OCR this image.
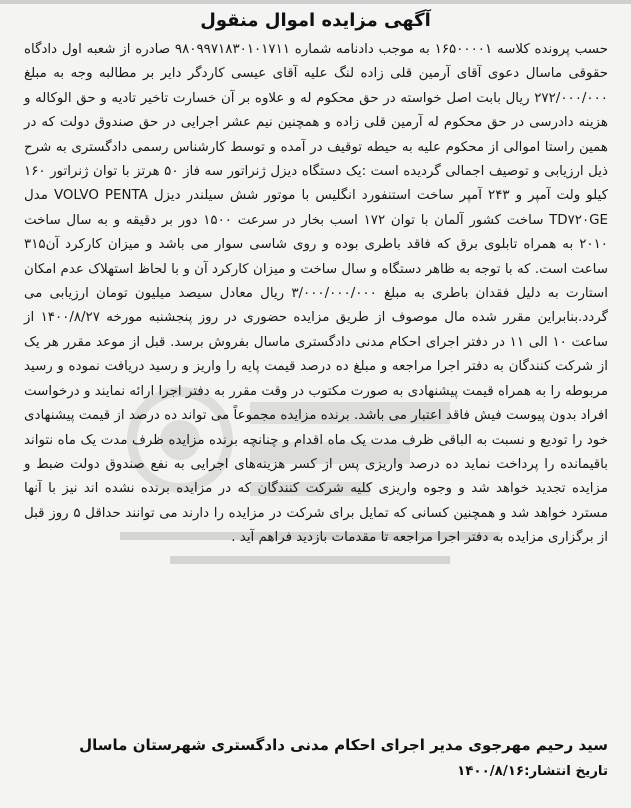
آگهی مزایده اموال منقول

حسب پرونده کلاسه ۱۶۵۰۰۰۰۱ به موجب دادنامه شماره ۹۸۰۹۹۷۱۸۳۰۱۰۱۷۱۱ صادره از شعبه اول دادگاه حقوقی ماسال دعوی آقای آرمین قلی زاده لنگ علیه آقای عیسی کاردگر دایر بر مطالبه وجه به مبلغ ۲۷۲/۰۰۰/۰۰۰ ریال بابت اصل خواسته در حق محکوم له و علاوه بر آن خسارت تاخیر تادیه و حق الوکاله و هزینه دادرسی در حق محکوم له آرمین قلی زاده و همچنین نیم عشر اجرایی در حق صندوق دولت که در همین راستا اموالی از محکوم علیه به حیطه توقیف در آمده و توسط کارشناس رسمی دادگستری به شرح ذیل ارزیابی و توصیف اجمالی گردیده است :یک دستگاه دیزل ژنراتور سه فاز ۵۰ هرتز با توان ژنراتور ۱۶۰ کیلو ولت آمپر و ۲۴۳ آمپر ساخت استنفورد انگلیس با موتور شش سیلندر دیزل VOLVO PENTA مدل TD۷۲۰GE ساخت کشور آلمان با توان ۱۷۲ اسب بخار در سرعت ۱۵۰۰ دور بر دقیقه و به سال ساخت ۲۰۱۰ به همراه تابلوی برق که فاقد باطری بوده و روی شاسی سوار می باشد و میزان کارکرد آن۳۱۵ ساعت است. که با توجه به ظاهر دستگاه و سال ساخت و میزان کارکرد آن و با لحاظ استهلاک عدم امکان استارت به دلیل فقدان باطری به مبلغ ۳/۰۰۰/۰۰۰/۰۰۰ ریال معادل سیصد میلیون تومان ارزیابی می گردد.بنابراین مقرر شده مال موصوف از طریق مزایده حضوری در روز پنجشنبه مورخه ۱۴۰۰/۸/۲۷ از ساعت ۱۰ الی ۱۱ در دفتر اجرای احکام مدنی دادگستری ماسال بفروش برسد. قبل از موعد مقرر هر یک از شرکت کنندگان به دفتر اجرا مراجعه و مبلغ ده درصد قیمت پایه را واریز و رسید دریافت نموده و رسید مربوطه را به همراه قیمت پیشنهادی به صورت مکتوب در وقت مقرر به دفتر اجرا ارائه نمایند و درخواست افراد بدون پیوست فیش فاقد اعتبار می باشد. برنده مزایده مجموعاً می تواند ده درصد از قیمت پیشنهادی خود را تودیع و نسبت به الباقی ظرف مدت یک ماه اقدام و چنانچه برنده مزایده ظرف مدت یک ماه نتواند باقیمانده را پرداخت نماید ده درصد واریزی پس از کسر هزینه‌های اجرایی به نفع صندوق دولت ضبط و مزایده تجدید خواهد شد و وجوه واریزی کلیه شرکت کنندگان که در مزایده برنده نشده اند نیز با آنها مسترد خواهد شد و همچنین کسانی که تمایل برای شرکت در مزایده را دارند می توانند حداقل ۵ روز قبل از برگزاری مزایده به دفتر اجرا مراجعه تا مقدمات بازدید فراهم آید .

سید رحیم مهرجوی مدیر اجرای احکام مدنی دادگستری شهرستان ماسال
تاریخ انتشار:۱۴۰۰/۸/۱۶
